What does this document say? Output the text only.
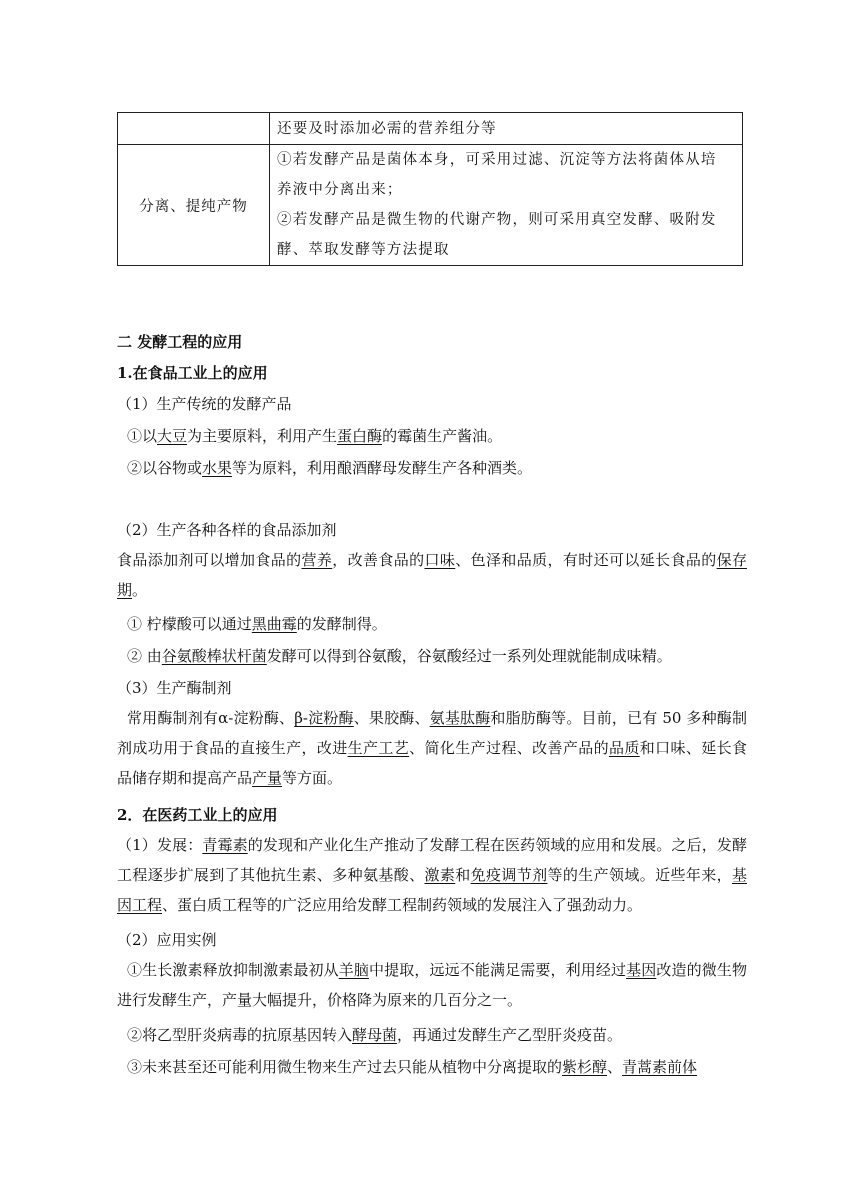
	还要及时添加必需的营养组分等

分离、提纯产物	①若发酵产品是菌体本身，可采用过滤、沉淀等方法将菌体从培
养液中分离出来；
②若发酵产品是微生物的代谢产物，则可采用真空发酵、吸附发
酵、萃取发酵等方法提取
二 发酵工程的应用
1.在食品工业上的应用
（1）生产传统的发酵产品
①以大豆为主要原料，利用产生蛋白酶的霉菌生产酱油。
②以谷物或水果等为原料，利用酿酒酵母发酵生产各种酒类。
（2）生产各种各样的食品添加剂
食品添加剂可以增加食品的营养，改善食品的口味、色泽和品质，有时还可以延长食品的保存期。
① 柠檬酸可以通过黑曲霉的发酵制得。
② 由谷氨酸棒状杆菌发酵可以得到谷氨酸，谷氨酸经过一系列处理就能制成味精。
（3）生产酶制剂
常用酶制剂有α-淀粉酶、β-淀粉酶、果胶酶、氨基肽酶和脂肪酶等。目前，已有 50 多种酶制剂成功用于食品的直接生产，改进生产工艺、简化生产过程、改善产品的品质和口味、延长食品储存期和提高产品产量等方面。
2．在医药工业上的应用
（1）发展：青霉素的发现和产业化生产推动了发酵工程在医药领域的应用和发展。之后，发酵工程逐步扩展到了其他抗生素、多种氨基酸、激素和免疫调节剂等的生产领域。近些年来，基因工程、蛋白质工程等的广泛应用给发酵工程制药领域的发展注入了强劲动力。
（2）应用实例
①生长激素释放抑制激素最初从羊脑中提取，远远不能满足需要，利用经过基因改造的微生物进行发酵生产，产量大幅提升，价格降为原来的几百分之一。
②将乙型肝炎病毒的抗原基因转入酵母菌，再通过发酵生产乙型肝炎疫苗。
③未来甚至还可能利用微生物来生产过去只能从植物中分离提取的紫杉醇、青蒿素前体
